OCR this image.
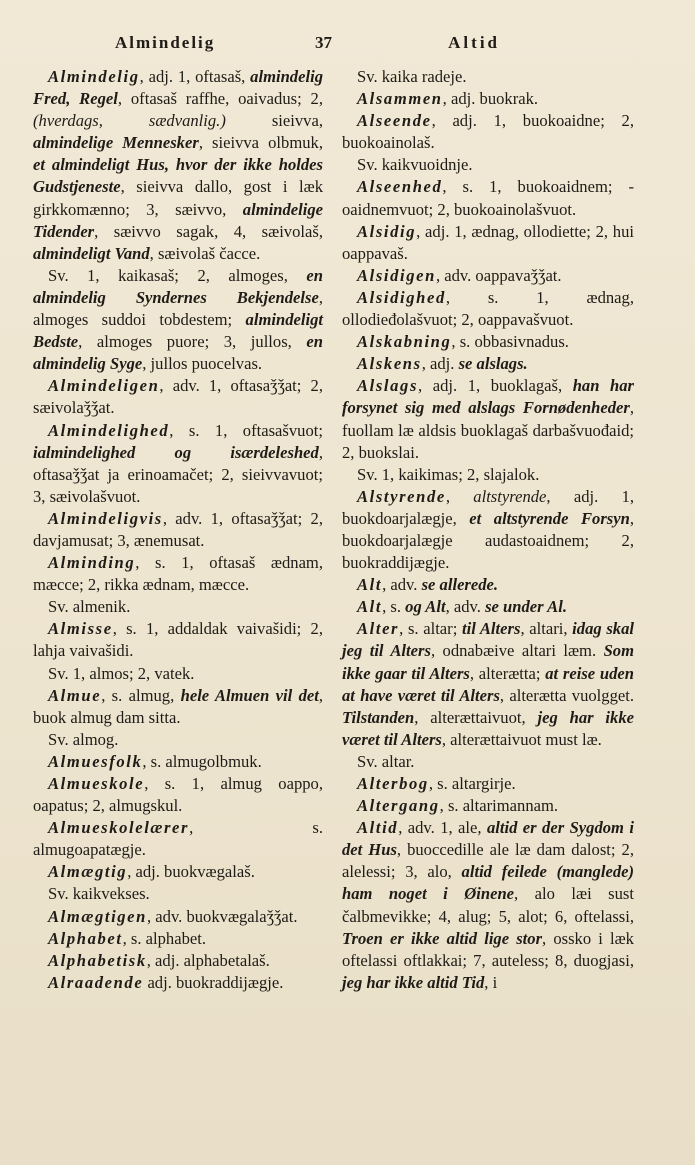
Almindelig	37	Altid

Almindelig, adj. 1, oftasaš, almindelig Fred, Regel, oftasaš raffhe, oaivadus; 2, (hverdags, sædvanlig.) sieivva, almindelige Mennesker, sieivva olbmuk, et almindeligt Hus, hvor der ikke holdes Gudstjeneste, sieivva dallo, gost i læk girkkomænno; 3, sæivvo, almindelige Tidender, sæivvo sagak, 4, sæivolaš, almindeligt Vand, sæivolaš čacce.

Sv. 1, kaikasaš; 2, almoges, en almindelig Syndernes Bekjendelse, almoges suddoi tobdestem; almindeligt Bedste, almoges puore; 3, jullos, en almindelig Syge, jullos puocelvas.

Almindeligen, adv. 1, oftasaǯǯat; 2, sæivolaǯǯat.

Almindelighed, s. 1, oftasašvuot; ialmindelighed og isærdeleshed, oftasaǯǯat ja erinoamačet; 2, sieivvavuot; 3, sæivolašvuot.

Almindeligvis, adv. 1, oftasaǯǯat; 2, davjamusat; 3, ænemusat.

Alminding, s. 1, oftasaš ædnam, mæcce; 2, rikka ædnam, mæcce.

Sv. almenik.

Almisse, s. 1, addaldak vaivašidi; 2, lahja vaivašidi.

Sv. 1, almos; 2, vatek.

Almue, s. almug, hele Almuen vil det, buok almug dam sitta.

Sv. almog.

Almuesfolk, s. almugolbmuk.

Almueskole, s. 1, almug oappo, oapatus; 2, almugskul.

Almueskolelærer, s. almugoapatægje.

Almægtig, adj. buokvægalaš.

Sv. kaikvekses.

Almægtigen, adv. buokvægalaǯǯat.

Alphabet, s. alphabet.

Alphabetisk, adj. alphabetalaš.

Alraadende adj. buokraddijægje.

Sv. kaika radeje.

Alsammen, adj. buokrak.

Alseende, adj. 1, buokoaidne; 2, buokoainolaš.

Sv. kaikvuoidnje.

Alseenhed, s. 1, buokoaidnem; - oaidnemvuot; 2, buokoainolašvuot.

Alsidig, adj. 1, ædnag, ollodiette; 2, hui oappavaš.

Alsidigen, adv. oappavaǯǯat.

Alsidighed, s. 1, ædnag, ollodieđolašvuot; 2, oappavašvuot.

Alskabning, s. obbasivnadus.

Alskens, adj. se alslags.

Alslags, adj. 1, buoklagaš, han har forsynet sig med alslags Fornødenheder, fuollam læ aldsis buoklagaš darbašvuođaid; 2, buokslai.

Sv. 1, kaikimas; 2, slajalok.

Alstyrende, altstyrende, adj. 1, buokdoarjalægje, et altstyrende Forsyn, buokdoarjalægje audastoaidnem; 2, buokraddijægje.

Alt, adv. se allerede.

Alt, s. og Alt, adv. se under Al.

Alter, s. altar; til Alters, altari, idag skal jeg til Alters, odnabæive altari læm. Som ikke gaar til Alters, alterætta; at reise uden at have været til Alters, alterætta vuolgget. Tilstanden, alterættaivuot, jeg har ikke været til Alters, alterættaivuot must læ.

Sv. altar.

Alterbog, s. altargirje.

Altergang, s. altarimannam.

Altid, adv. 1, ale, altid er der Sygdom i det Hus, buoccedille ale læ dam dalost; 2, alelessi; 3, alo, altid feilede (manglede) ham noget i Øinene, alo læi sust čalbmevikke; 4, alug; 5, alot; 6, oftelassi, Troen er ikke altid lige stor, ossko i læk oftelassi oftlakkai; 7, auteless; 8, duogjasi, jeg har ikke altid Tid, i
